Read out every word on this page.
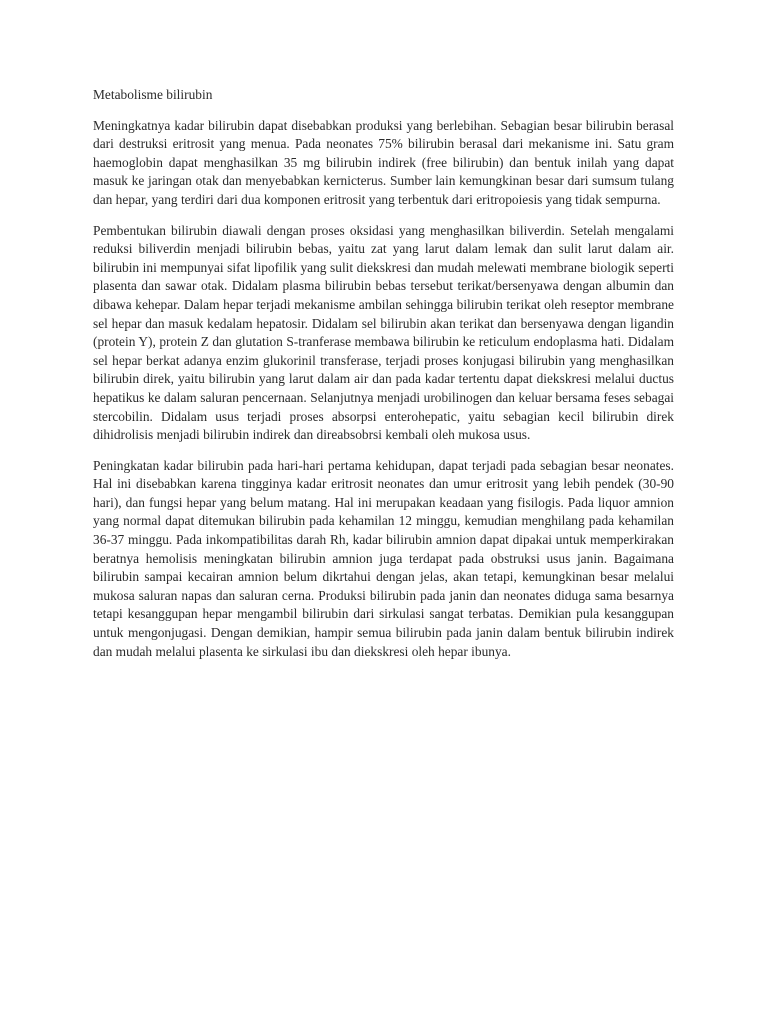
Metabolisme bilirubin

Meningkatnya kadar bilirubin dapat disebabkan produksi yang berlebihan. Sebagian besar bilirubin berasal dari destruksi eritrosit yang menua. Pada neonates 75% bilirubin berasal dari mekanisme ini. Satu gram haemoglobin dapat menghasilkan 35 mg bilirubin indirek (free bilirubin) dan bentuk inilah yang dapat masuk ke jaringan otak dan menyebabkan kernicterus. Sumber lain kemungkinan besar dari sumsum tulang dan hepar, yang terdiri dari dua komponen eritrosit yang terbentuk dari eritropoiesis yang tidak sempurna.

Pembentukan bilirubin diawali dengan proses oksidasi yang menghasilkan biliverdin. Setelah mengalami reduksi biliverdin menjadi bilirubin bebas, yaitu zat yang larut dalam lemak dan sulit larut dalam air. bilirubin ini mempunyai sifat lipofilik yang sulit diekskresi dan mudah melewati membrane biologik seperti plasenta dan sawar otak. Didalam plasma bilirubin bebas tersebut terikat/bersenyawa dengan albumin dan dibawa kehepar. Dalam hepar terjadi mekanisme ambilan sehingga bilirubin terikat oleh reseptor membrane sel hepar dan masuk kedalam hepatosir. Didalam sel bilirubin akan terikat dan bersenyawa dengan ligandin (protein Y), protein Z dan glutation S-tranferase membawa bilirubin ke reticulum endoplasma hati. Didalam sel hepar berkat adanya enzim glukorinil transferase, terjadi proses konjugasi bilirubin yang menghasilkan bilirubin direk, yaitu bilirubin yang larut dalam air dan pada kadar tertentu dapat diekskresi melalui ductus hepatikus ke dalam saluran pencernaan. Selanjutnya menjadi urobilinogen dan keluar bersama feses sebagai stercobilin. Didalam usus terjadi proses absorpsi enterohepatic, yaitu sebagian kecil bilirubin direk dihidrolisis menjadi bilirubin indirek dan direabsobrsi kembali oleh mukosa usus.

Peningkatan kadar bilirubin pada hari-hari pertama kehidupan, dapat terjadi pada sebagian besar neonates. Hal ini disebabkan karena tingginya kadar eritrosit neonates dan umur eritrosit yang lebih pendek (30-90 hari), dan fungsi hepar yang belum matang. Hal ini merupakan keadaan yang fisilogis. Pada liquor amnion yang normal dapat ditemukan bilirubin pada kehamilan 12 minggu, kemudian menghilang pada kehamilan 36-37 minggu. Pada inkompatibilitas darah Rh, kadar bilirubin amnion dapat dipakai untuk memperkirakan beratnya hemolisis meningkatan bilirubin amnion juga terdapat pada obstruksi usus janin. Bagaimana bilirubin sampai kecairan amnion belum dikrtahui dengan jelas, akan tetapi, kemungkinan besar melalui mukosa saluran napas dan saluran cerna. Produksi bilirubin pada janin dan neonates diduga sama besarnya tetapi kesanggupan hepar mengambil bilirubin dari sirkulasi sangat terbatas. Demikian pula kesanggupan untuk mengonjugasi. Dengan demikian, hampir semua bilirubin pada janin dalam bentuk bilirubin indirek dan mudah melalui plasenta ke sirkulasi ibu dan diekskresi oleh hepar ibunya.
